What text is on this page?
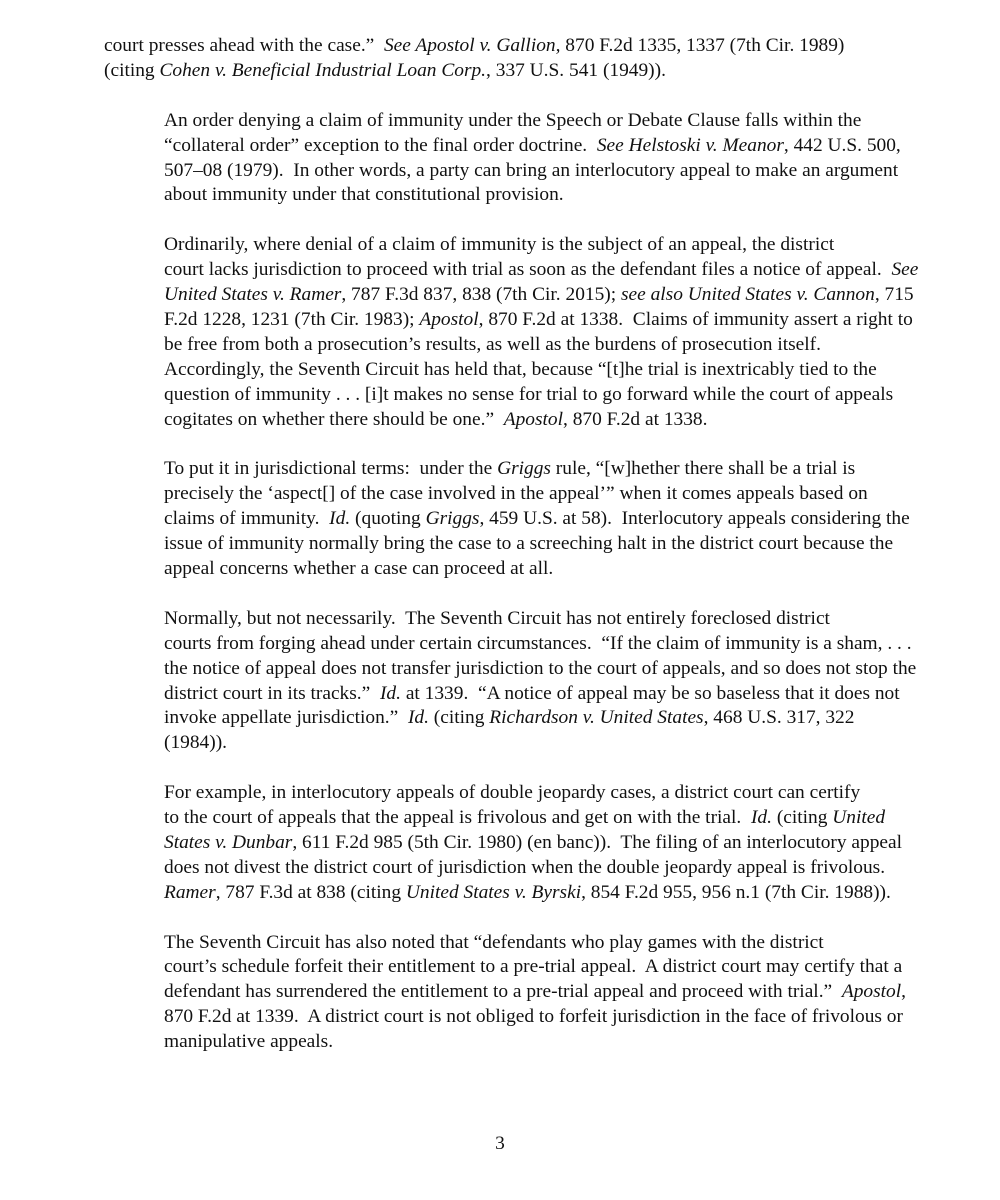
court presses ahead with the case.”  See Apostol v. Gallion, 870 F.2d 1335, 1337 (7th Cir. 1989)
(citing Cohen v. Beneficial Industrial Loan Corp., 337 U.S. 541 (1949)).

An order denying a claim of immunity under the Speech or Debate Clause falls within the
“collateral order” exception to the final order doctrine.  See Helstoski v. Meanor, 442 U.S. 500,
507–08 (1979).  In other words, a party can bring an interlocutory appeal to make an argument
about immunity under that constitutional provision.

Ordinarily, where denial of a claim of immunity is the subject of an appeal, the district
court lacks jurisdiction to proceed with trial as soon as the defendant files a notice of appeal.  See
United States v. Ramer, 787 F.3d 837, 838 (7th Cir. 2015); see also United States v. Cannon, 715
F.2d 1228, 1231 (7th Cir. 1983); Apostol, 870 F.2d at 1338.  Claims of immunity assert a right to
be free from both a prosecution’s results, as well as the burdens of prosecution itself.
Accordingly, the Seventh Circuit has held that, because “[t]he trial is inextricably tied to the
question of immunity . . . [i]t makes no sense for trial to go forward while the court of appeals
cogitates on whether there should be one.”  Apostol, 870 F.2d at 1338.

To put it in jurisdictional terms:  under the Griggs rule, “[w]hether there shall be a trial is
precisely the ‘aspect[] of the case involved in the appeal’” when it comes appeals based on
claims of immunity.  Id. (quoting Griggs, 459 U.S. at 58).  Interlocutory appeals considering the
issue of immunity normally bring the case to a screeching halt in the district court because the
appeal concerns whether a case can proceed at all.

Normally, but not necessarily.  The Seventh Circuit has not entirely foreclosed district
courts from forging ahead under certain circumstances.  “If the claim of immunity is a sham, . . .
the notice of appeal does not transfer jurisdiction to the court of appeals, and so does not stop the
district court in its tracks.”  Id. at 1339.  “A notice of appeal may be so baseless that it does not
invoke appellate jurisdiction.”  Id. (citing Richardson v. United States, 468 U.S. 317, 322
(1984)).

For example, in interlocutory appeals of double jeopardy cases, a district court can certify
to the court of appeals that the appeal is frivolous and get on with the trial.  Id. (citing United
States v. Dunbar, 611 F.2d 985 (5th Cir. 1980) (en banc)).  The filing of an interlocutory appeal
does not divest the district court of jurisdiction when the double jeopardy appeal is frivolous.
Ramer, 787 F.3d at 838 (citing United States v. Byrski, 854 F.2d 955, 956 n.1 (7th Cir. 1988)).

The Seventh Circuit has also noted that “defendants who play games with the district
court’s schedule forfeit their entitlement to a pre-trial appeal.  A district court may certify that a
defendant has surrendered the entitlement to a pre-trial appeal and proceed with trial.”  Apostol,
870 F.2d at 1339.  A district court is not obliged to forfeit jurisdiction in the face of frivolous or
manipulative appeals.

3
